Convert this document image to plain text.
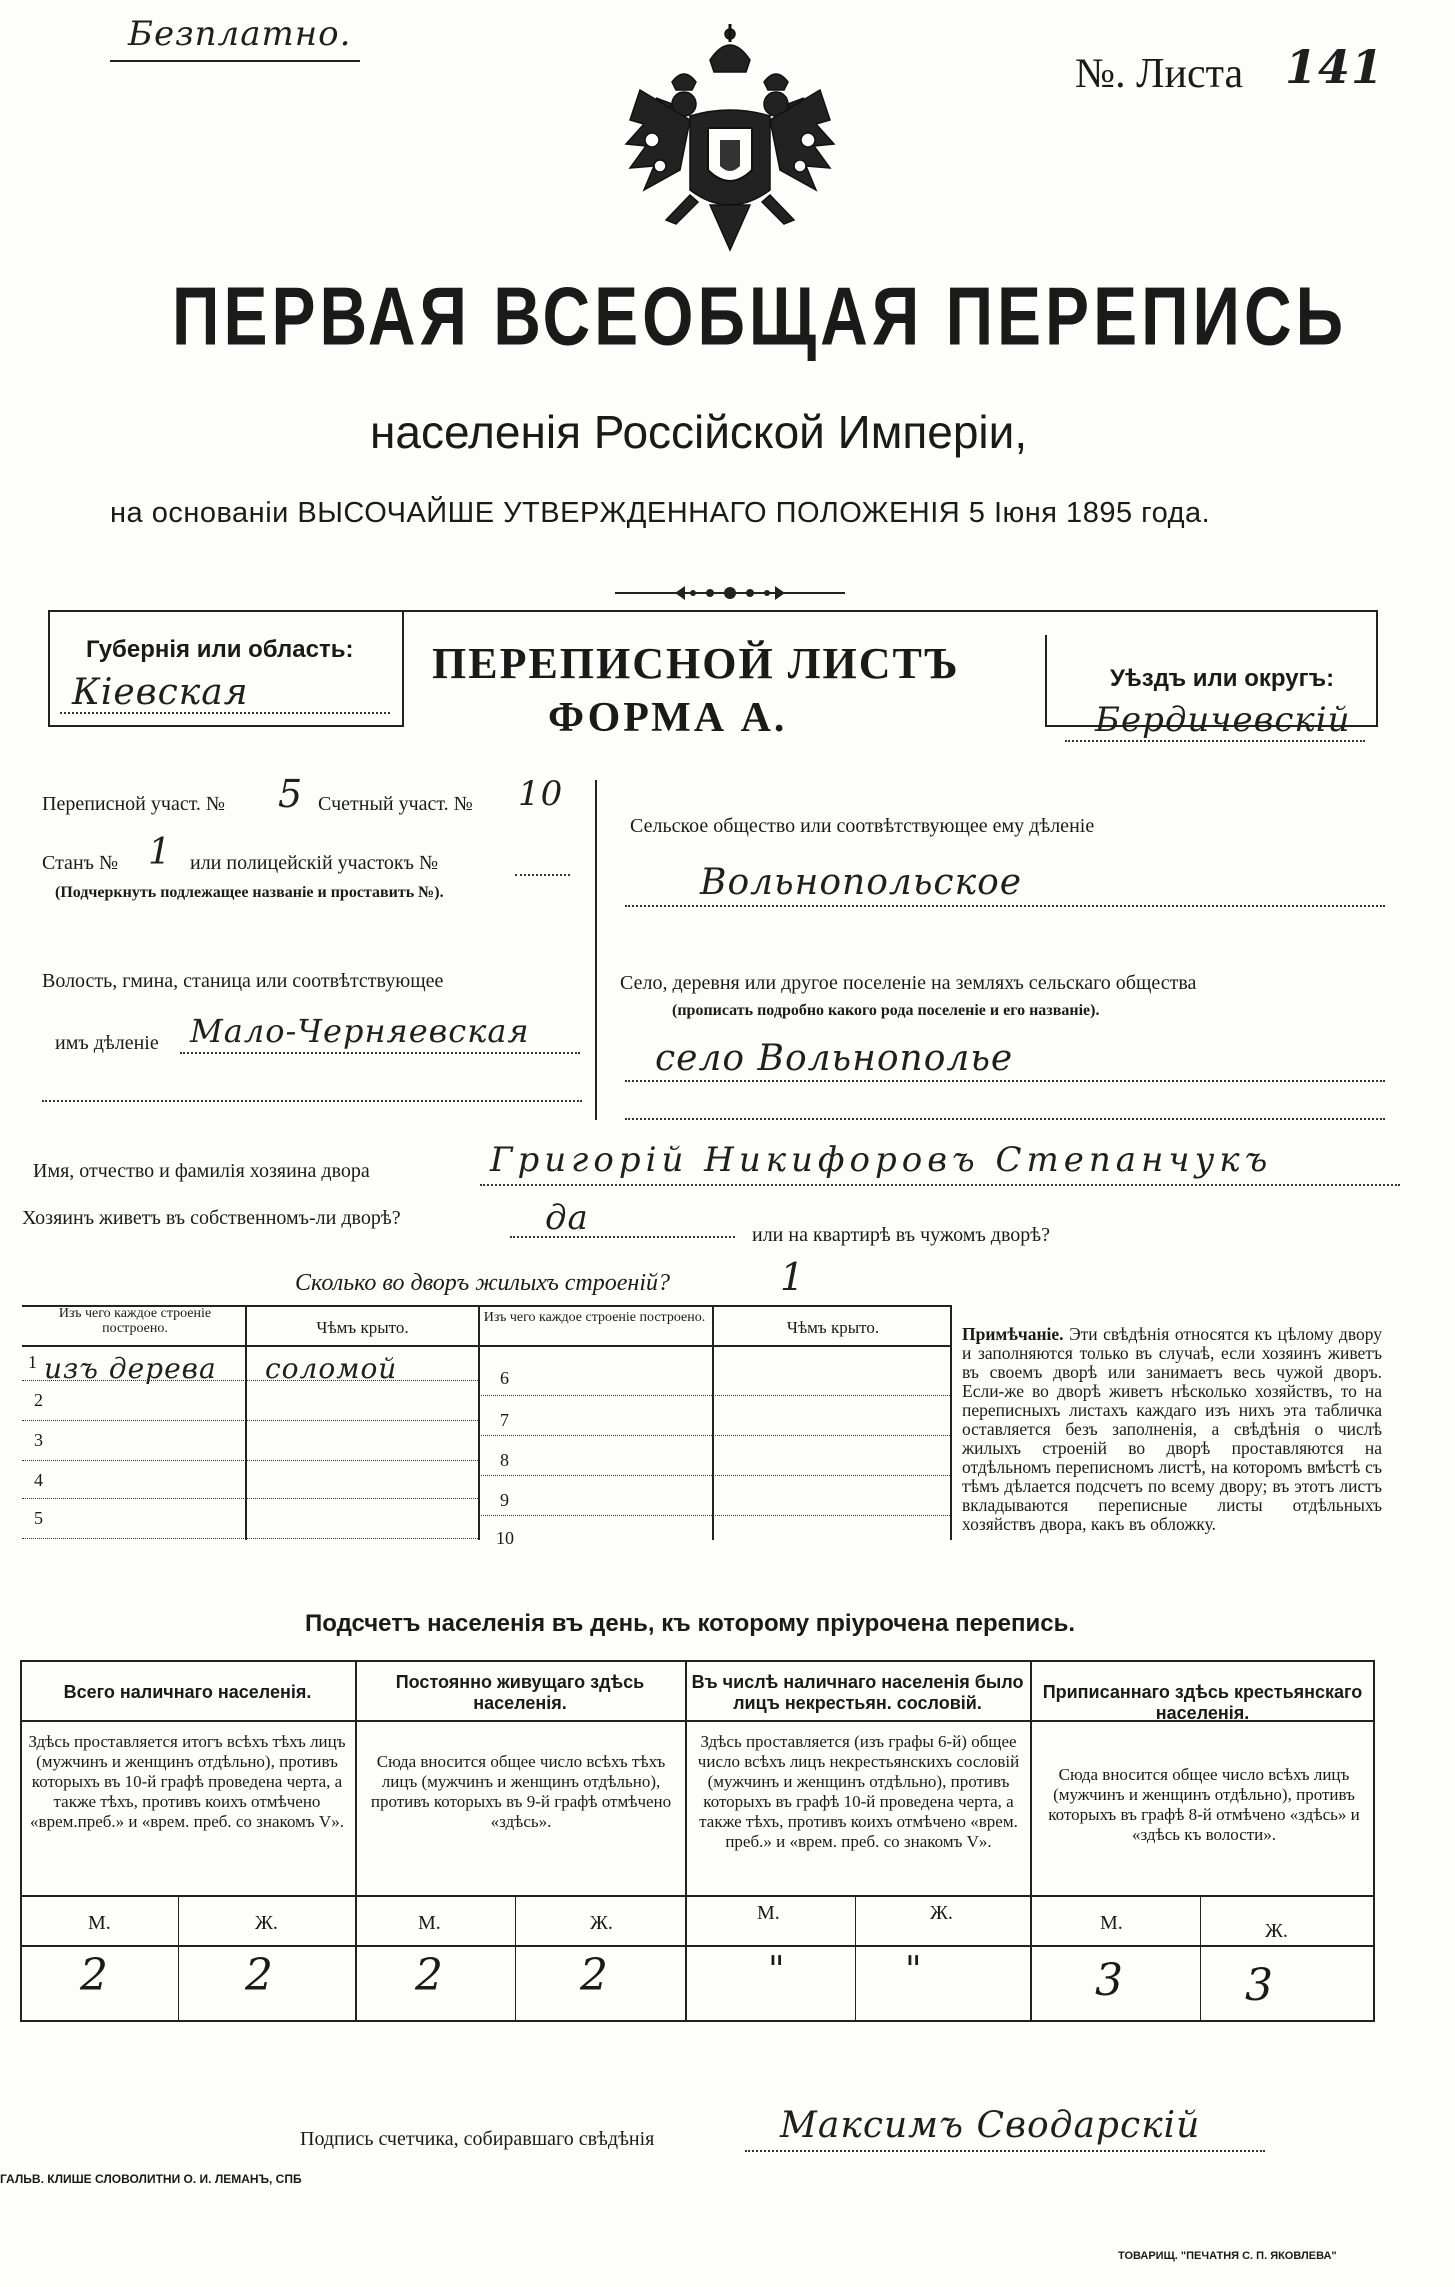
Безплатно.
№. Листа 141
ПЕРВАЯ ВСЕОБЩАЯ ПЕРЕПИСЬ
населенія Россійской Имперіи,
на основаніи ВЫСОЧАЙШЕ УТВЕРЖДЕННАГО ПОЛОЖЕНІЯ 5 Іюня 1895 года.
Губернія или область:
Кіевская
ПЕРЕПИСНОЙ ЛИСТЪ
ФОРМА А.
Уѣздъ или округъ:
Бердичевскій
Переписной участ. № 5 Счетный участ. № 10
Станъ № 1 или полицейскій участокъ №
(Подчеркнуть подлежащее названіе и проставить №).
Волость, гмина, станица или соотвѣтствующее
имъ дѣленіе Мало-Черняевская
Сельское общество или соотвѣтствующее ему дѣленіе
Вольнопольское
Село, деревня или другое поселеніе на земляхъ сельскаго общества
(прописать подробно какого рода поселеніе и его названіе).
село Вольнополье
Имя, отчество и фамилія хозяина двора	Григорій Никифоровъ Степанчукъ
Хозяинъ живетъ въ собственномъ-ли дворѣ?	да	или на квартирѣ въ чужомъ дворѣ?
Сколько во дворъ жилыхъ строеній?	1
Изъ чего каждое строеніе построено.	Чѣмъ крыто.
Изъ чего каждое строеніе построено.
Чѣмъ крыто.
1 изъ дерева соломой
2
3
4
5
6
7
8
9
10
Примѣчаніе. Эти свѣдѣнія относятся къ цѣлому двору и заполняются только въ случаѣ, если хозяинъ живетъ въ своемъ дворѣ или занимаетъ весь чужой дворъ. Если-же во дворѣ живетъ нѣсколько хозяйствъ, то на переписныхъ листахъ каждаго изъ нихъ эта табличка оставляется безъ заполненія, а свѣдѣнія о числѣ жилыхъ строеній во дворѣ проставляются на отдѣльномъ переписномъ листѣ, на которомъ вмѣстѣ съ тѣмъ дѣлается подсчетъ по всему двору; въ этотъ листъ вкладываются переписные листы отдѣльныхъ хозяйствъ двора, какъ въ обложку.
Подсчетъ населенія въ день, къ которому пріурочена перепись.
Всего наличнаго населенія.
Здѣсь проставляется итогъ всѣхъ тѣхъ лицъ (мужчинъ и женщинъ отдѣльно), противъ которыхъ въ 10-й графѣ проведена черта, а также тѣхъ, противъ коихъ отмѣчено «врем.преб.» и «врем. преб. со знакомъ V».
М.	Ж.
2	2
Постоянно живущаго здѣсь населенія.
Сюда вносится общее число всѣхъ тѣхъ лицъ (мужчинъ и женщинъ отдѣльно), противъ которыхъ въ 9-й графѣ отмѣчено «здѣсь».
М.	Ж.
2	2
Въ числѣ наличнаго населенія было лицъ некрестьян. сословій.
Здѣсь проставляется (изъ графы 6-й) общее число всѣхъ лицъ некрестьянскихъ сословій (мужчинъ и женщинъ отдѣльно), противъ которыхъ въ графѣ 10-й проведена черта, а также тѣхъ, противъ коихъ отмѣчено «врем. преб.» и «врем. преб. со знакомъ V».
М.	Ж.
"	"
Приписаннаго здѣсь крестьянскаго населенія.
Сюда вносится общее число всѣхъ лицъ (мужчинъ и женщинъ отдѣльно), противъ которыхъ въ графѣ 8-й отмѣчено «здѣсь» и «здѣсь къ волости».
М.	Ж.
3	3
Подпись счетчика, собиравшаго свѣдѣнія	Максимъ Сводарскій
ГАЛЬВ. КЛИШЕ СЛОВОЛИТНИ О. И. ЛЕМАНЪ, СПБ
ТОВАРИЩ. "ПЕЧАТНЯ С. П. ЯКОВЛЕВА"
